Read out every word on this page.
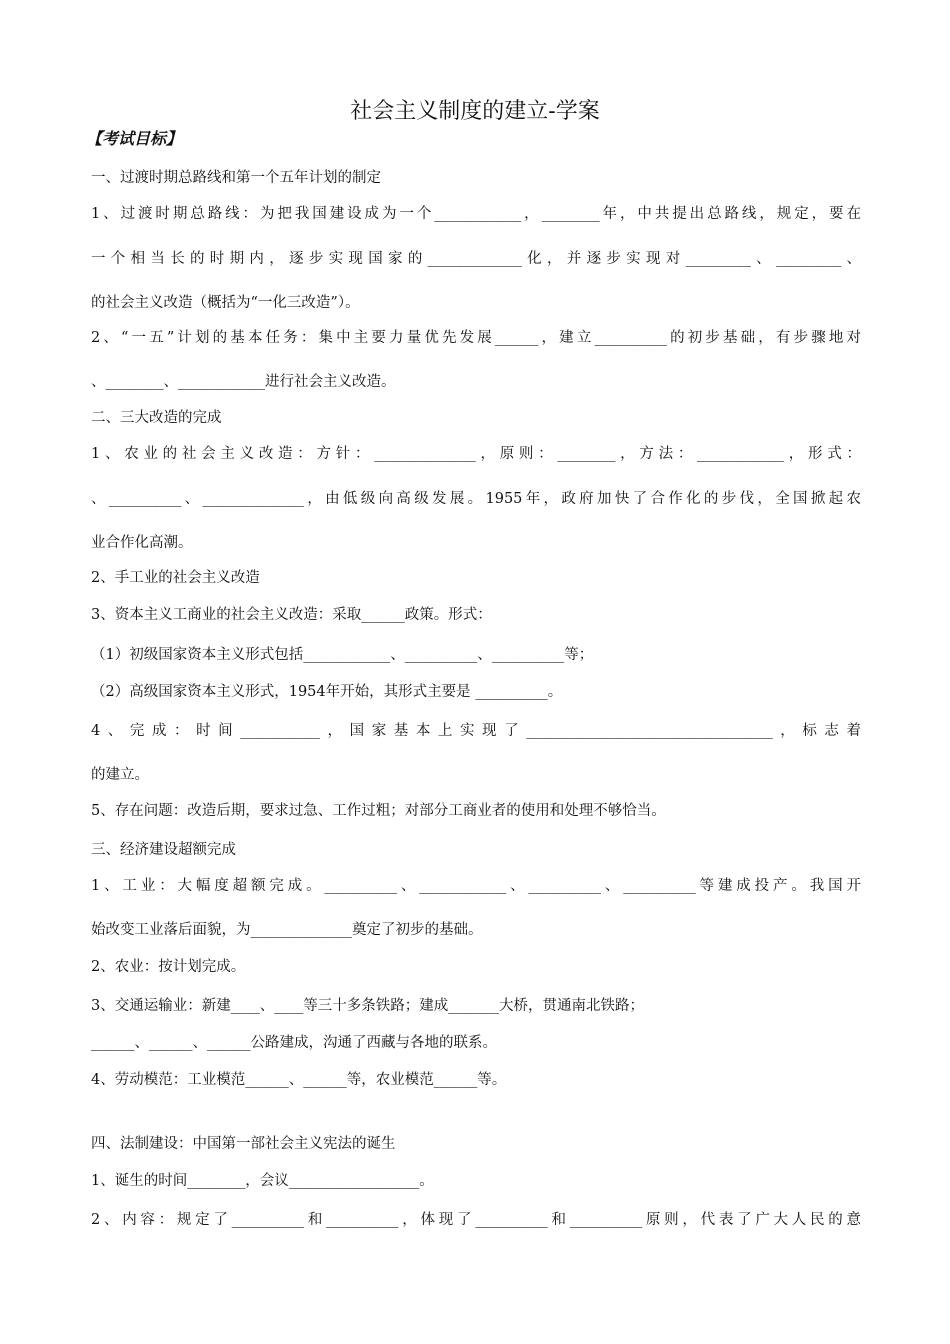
社会主义制度的建立-学案
【考试目标】
一、过渡时期总路线和第一个五年计划的制定
1、过渡时期总路线：为把我国建设成为一个____________，________年，中共提出总路线，规定，要在
一个相当长的时期内，逐步实现国家的_____________化，并逐步实现对_________、_________、
的社会主义改造（概括为“一化三改造”）。
2、“一五”计划的基本任务：集中主要力量优先发展______，建立__________的初步基础，有步骤地对
、________、____________进行社会主义改造。
二、三大改造的完成
1、农业的社会主义改造：方针：______________，原则：________，方法：____________，形式：
、__________、______________，由低级向高级发展。1955年，政府加快了合作化的步伐，全国掀起农
业合作化高潮。
2、手工业的社会主义改造
3、资本主义工商业的社会主义改造：采取______政策。形式：
（1）初级国家资本主义形式包括____________、__________、__________等；
（2）高级国家资本主义形式，1954年开始，其形式主要是 __________。
4、完成：时间___________，国家基本上实现了__________________________________，标志着
的建立。
5、存在问题：改造后期，要求过急、工作过粗；对部分工商业者的使用和处理不够恰当。
三、经济建设超额完成
1、工业：大幅度超额完成。__________、____________、__________、__________等建成投产。我国开
始改变工业落后面貌，为______________奠定了初步的基础。
2、农业：按计划完成。
3、交通运输业：新建____、____等三十多条铁路；建成_______大桥，贯通南北铁路；
______、______、______公路建成，沟通了西藏与各地的联系。
4、劳动模范：工业模范______、______等，农业模范______等。
四、法制建设：中国第一部社会主义宪法的诞生
1、诞生的时间________，会议__________________。
2、内容：规定了__________和__________，体现了__________和__________原则，代表了广大人民的意
